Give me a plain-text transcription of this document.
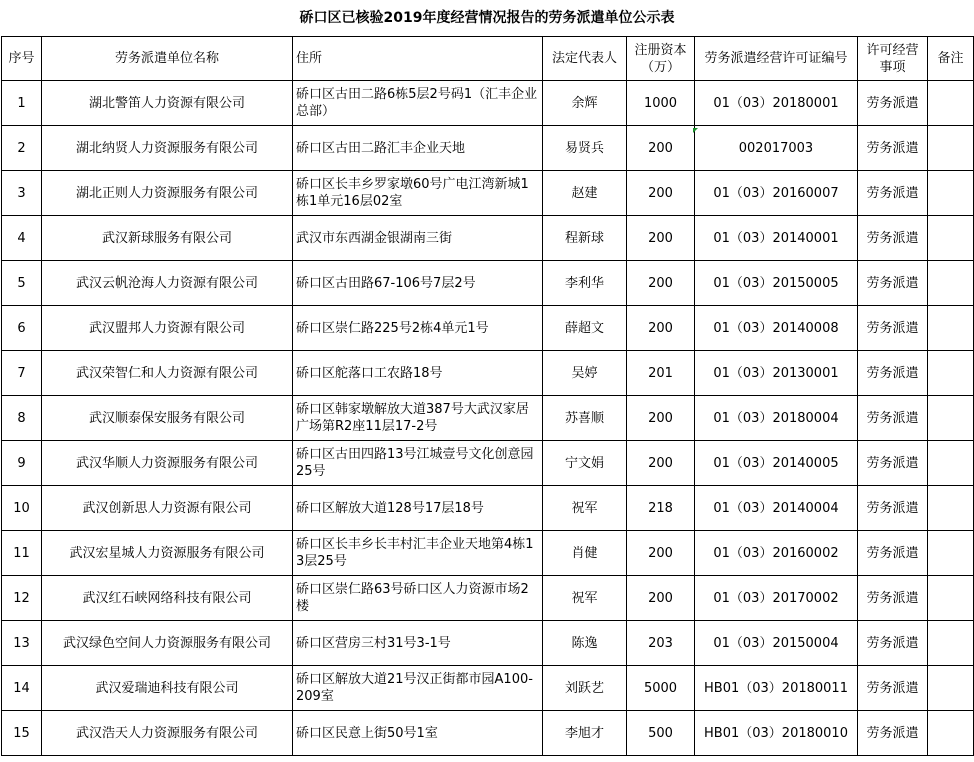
硚口区已核验2019年度经营情况报告的劳务派遣单位公示表
序号	劳务派遣单位名称	住所	法定代表人	注册资本（万）	劳务派遣经营许可证编号	许可经营事项	备注
1	湖北警笛人力资源有限公司	硚口区古田二路6栋5层2号码1（汇丰企业总部）	余辉	1000	01（03）20180001	劳务派遣	
2	湖北纳贤人力资源服务有限公司	硚口区古田二路汇丰企业天地	易贤兵	200	002017003	劳务派遣	
3	湖北正则人力资源服务有限公司	硚口区长丰乡罗家墩60号广电江湾新城1栋1单元16层02室	赵建	200	01（03）20160007	劳务派遣	
4	武汉新球服务有限公司	武汉市东西湖金银湖南三街	程新球	200	01（03）20140001	劳务派遣	
5	武汉云帆沧海人力资源有限公司	硚口区古田路67-106号7层2号	李利华	200	01（03）20150005	劳务派遣	
6	武汉盟邦人力资源有限公司	硚口区崇仁路225号2栋4单元1号	薛超文	200	01（03）20140008	劳务派遣	
7	武汉荣智仁和人力资源有限公司	硚口区舵落口工农路18号	吴婷	201	01（03）20130001	劳务派遣	
8	武汉顺泰保安服务有限公司	硚口区韩家墩解放大道387号大武汉家居广场第R2座11层17-2号	苏喜顺	200	01（03）20180004	劳务派遣	
9	武汉华顺人力资源服务有限公司	硚口区古田四路13号江城壹号文化创意园25号	宁文娟	200	01（03）20140005	劳务派遣	
10	武汉创新思人力资源有限公司	硚口区解放大道128号17层18号	祝军	218	01（03）20140004	劳务派遣	
11	武汉宏星城人力资源服务有限公司	硚口区长丰乡长丰村汇丰企业天地第4栋13层25号	肖健	200	01（03）20160002	劳务派遣	
12	武汉红石峡网络科技有限公司	硚口区崇仁路63号硚口区人力资源市场2楼	祝军	200	01（03）20170002	劳务派遣	
13	武汉绿色空间人力资源服务有限公司	硚口区营房三村31号3-1号	陈逸	203	01（03）20150004	劳务派遣	
14	武汉爱瑞迪科技有限公司	硚口区解放大道21号汉正街都市园A100-209室	刘跃艺	5000	HB01（03）20180011	劳务派遣	
15	武汉浩天人力资源服务有限公司	硚口区民意上街50号1室	李旭才	500	HB01（03）20180010	劳务派遣	
